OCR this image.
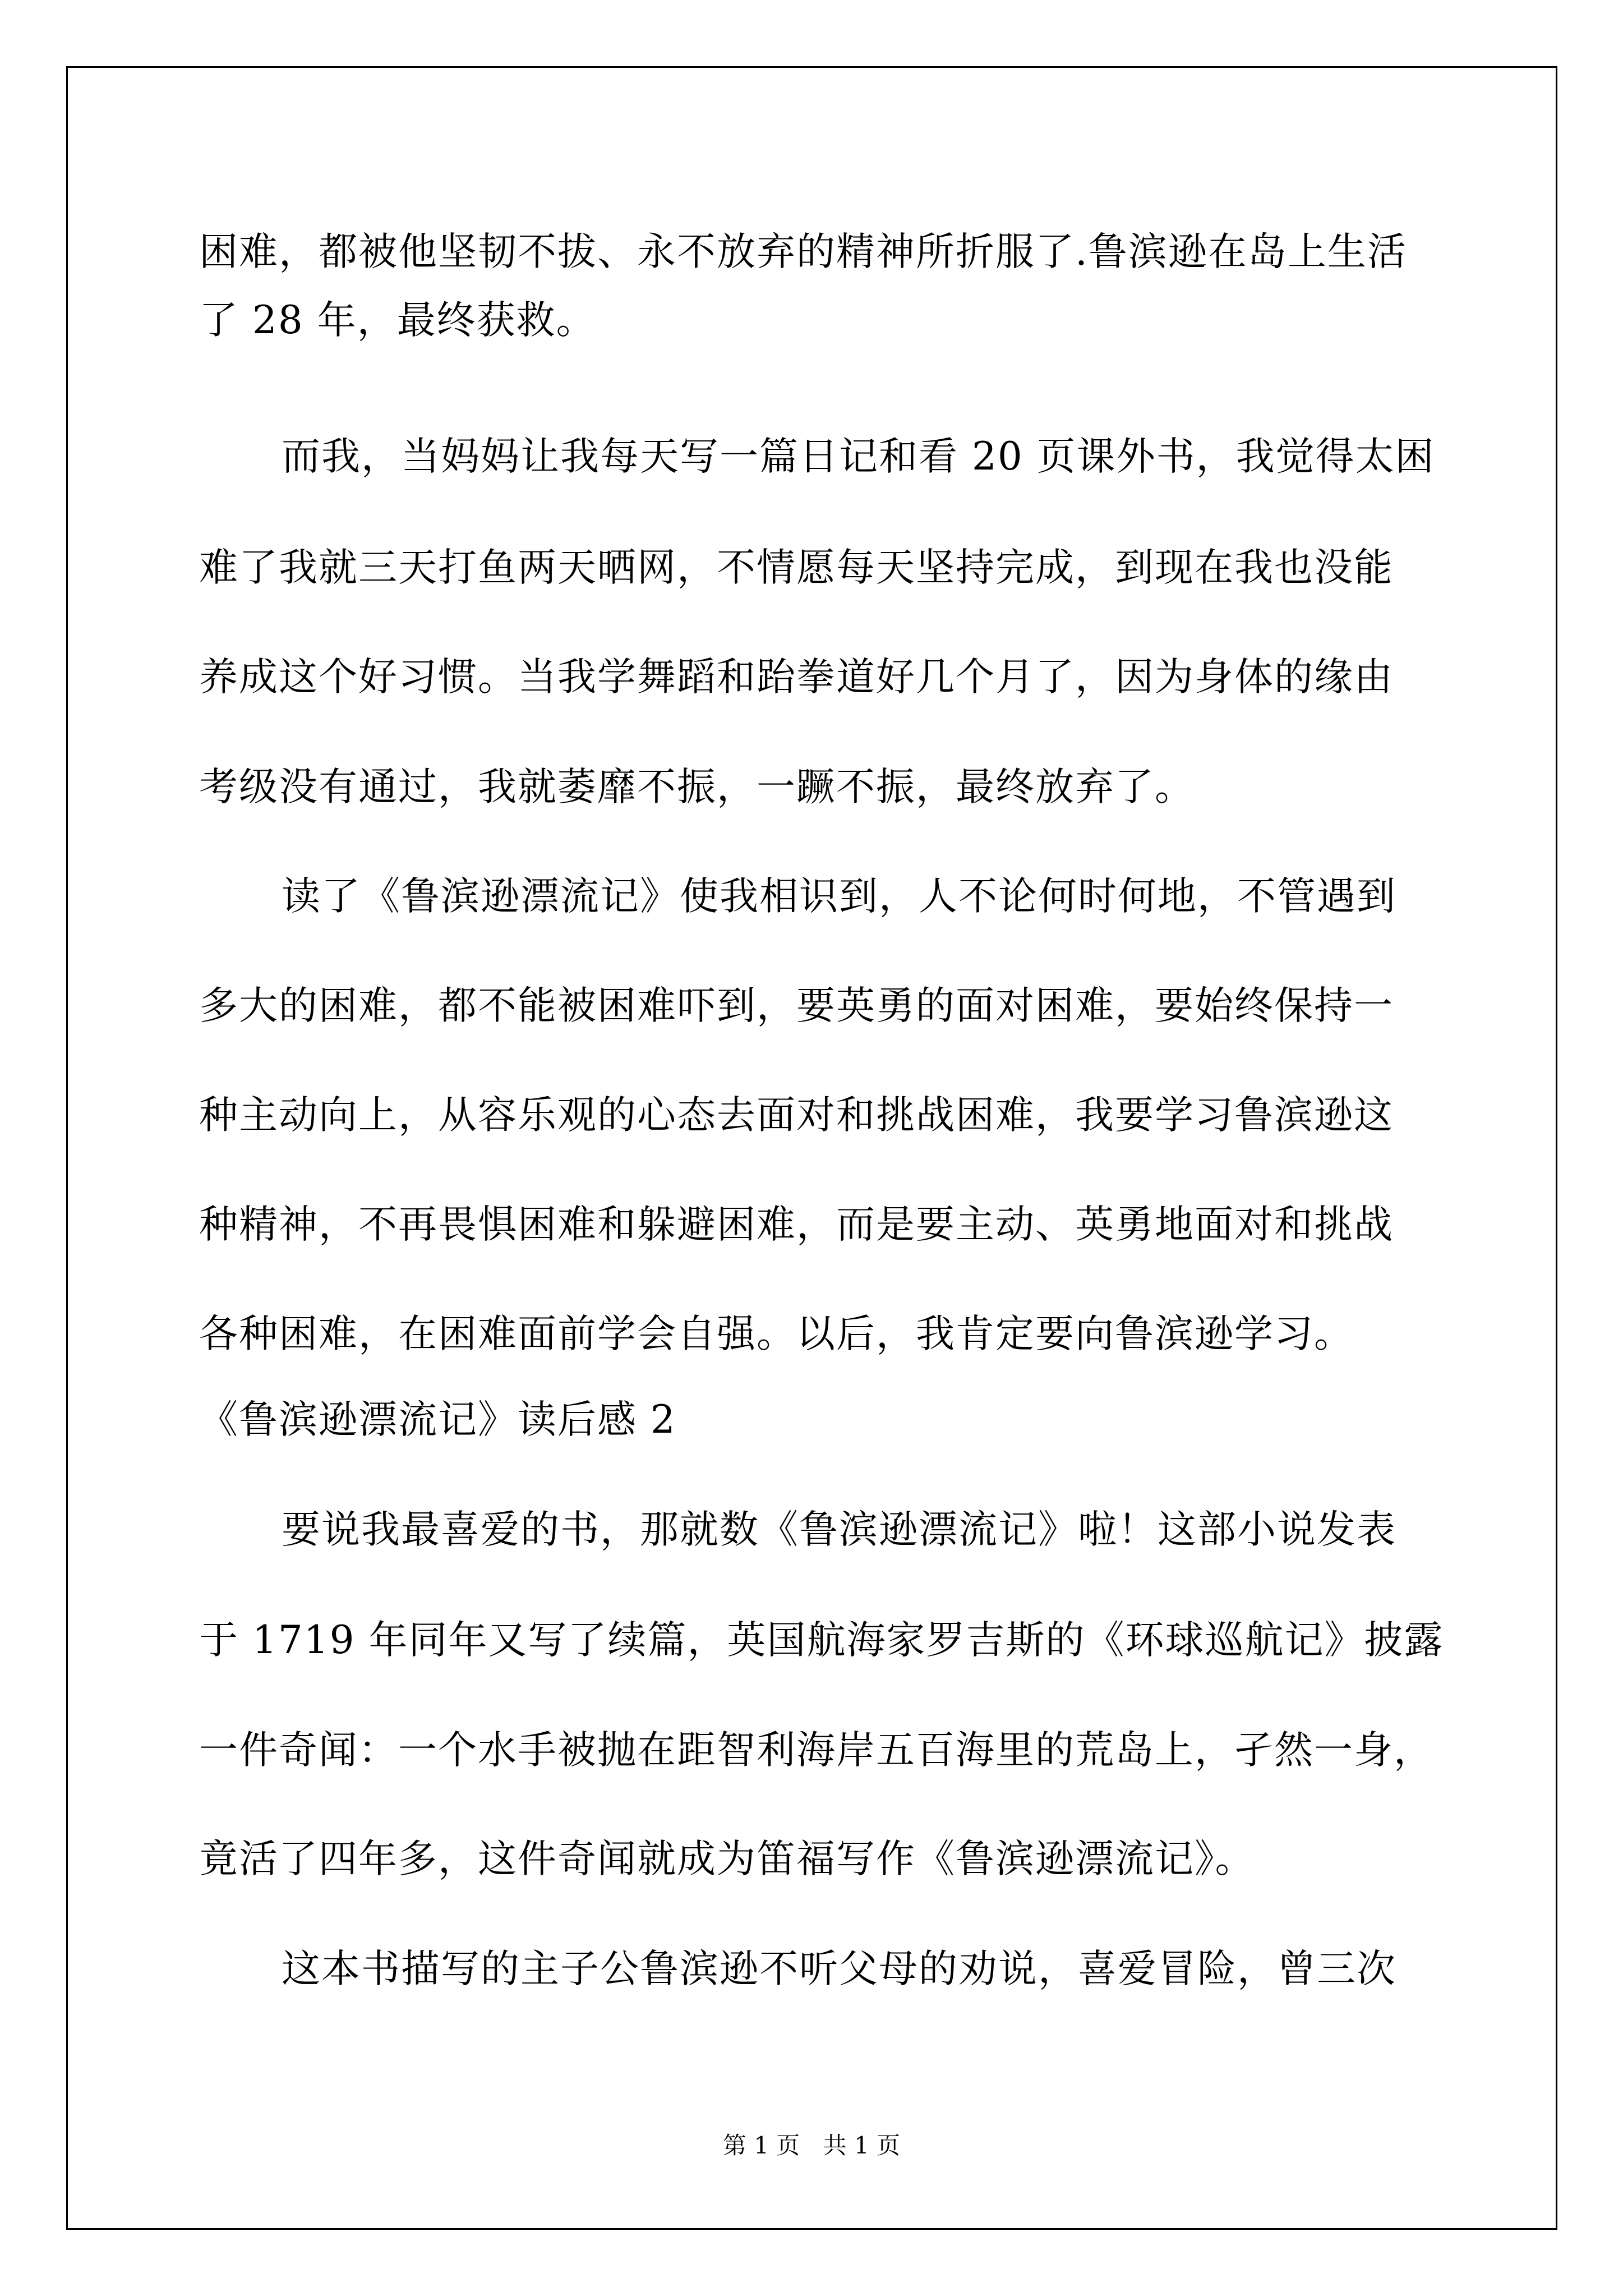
困难，都被他坚韧不拔、永不放弃的精神所折服了.鲁滨逊在岛上生活

了 28 年，最终获救。

而我，当妈妈让我每天写一篇日记和看 20 页课外书，我觉得太困

难了我就三天打鱼两天晒网，不情愿每天坚持完成，到现在我也没能

养成这个好习惯。当我学舞蹈和跆拳道好几个月了，因为身体的缘由

考级没有通过，我就萎靡不振，一蹶不振，最终放弃了。

读了《鲁滨逊漂流记》使我相识到，人不论何时何地，不管遇到

多大的困难，都不能被困难吓到，要英勇的面对困难，要始终保持一

种主动向上，从容乐观的心态去面对和挑战困难，我要学习鲁滨逊这

种精神，不再畏惧困难和躲避困难，而是要主动、英勇地面对和挑战

各种困难，在困难面前学会自强。以后，我肯定要向鲁滨逊学习。

《鲁滨逊漂流记》读后感 2

要说我最喜爱的书，那就数《鲁滨逊漂流记》啦！这部小说发表

于 1719 年同年又写了续篇，英国航海家罗吉斯的《环球巡航记》披露

一件奇闻：一个水手被抛在距智利海岸五百海里的荒岛上，孑然一身，

竟活了四年多，这件奇闻就成为笛福写作《鲁滨逊漂流记》。

这本书描写的主子公鲁滨逊不听父母的劝说，喜爱冒险，曾三次

第 1 页 共 1 页
